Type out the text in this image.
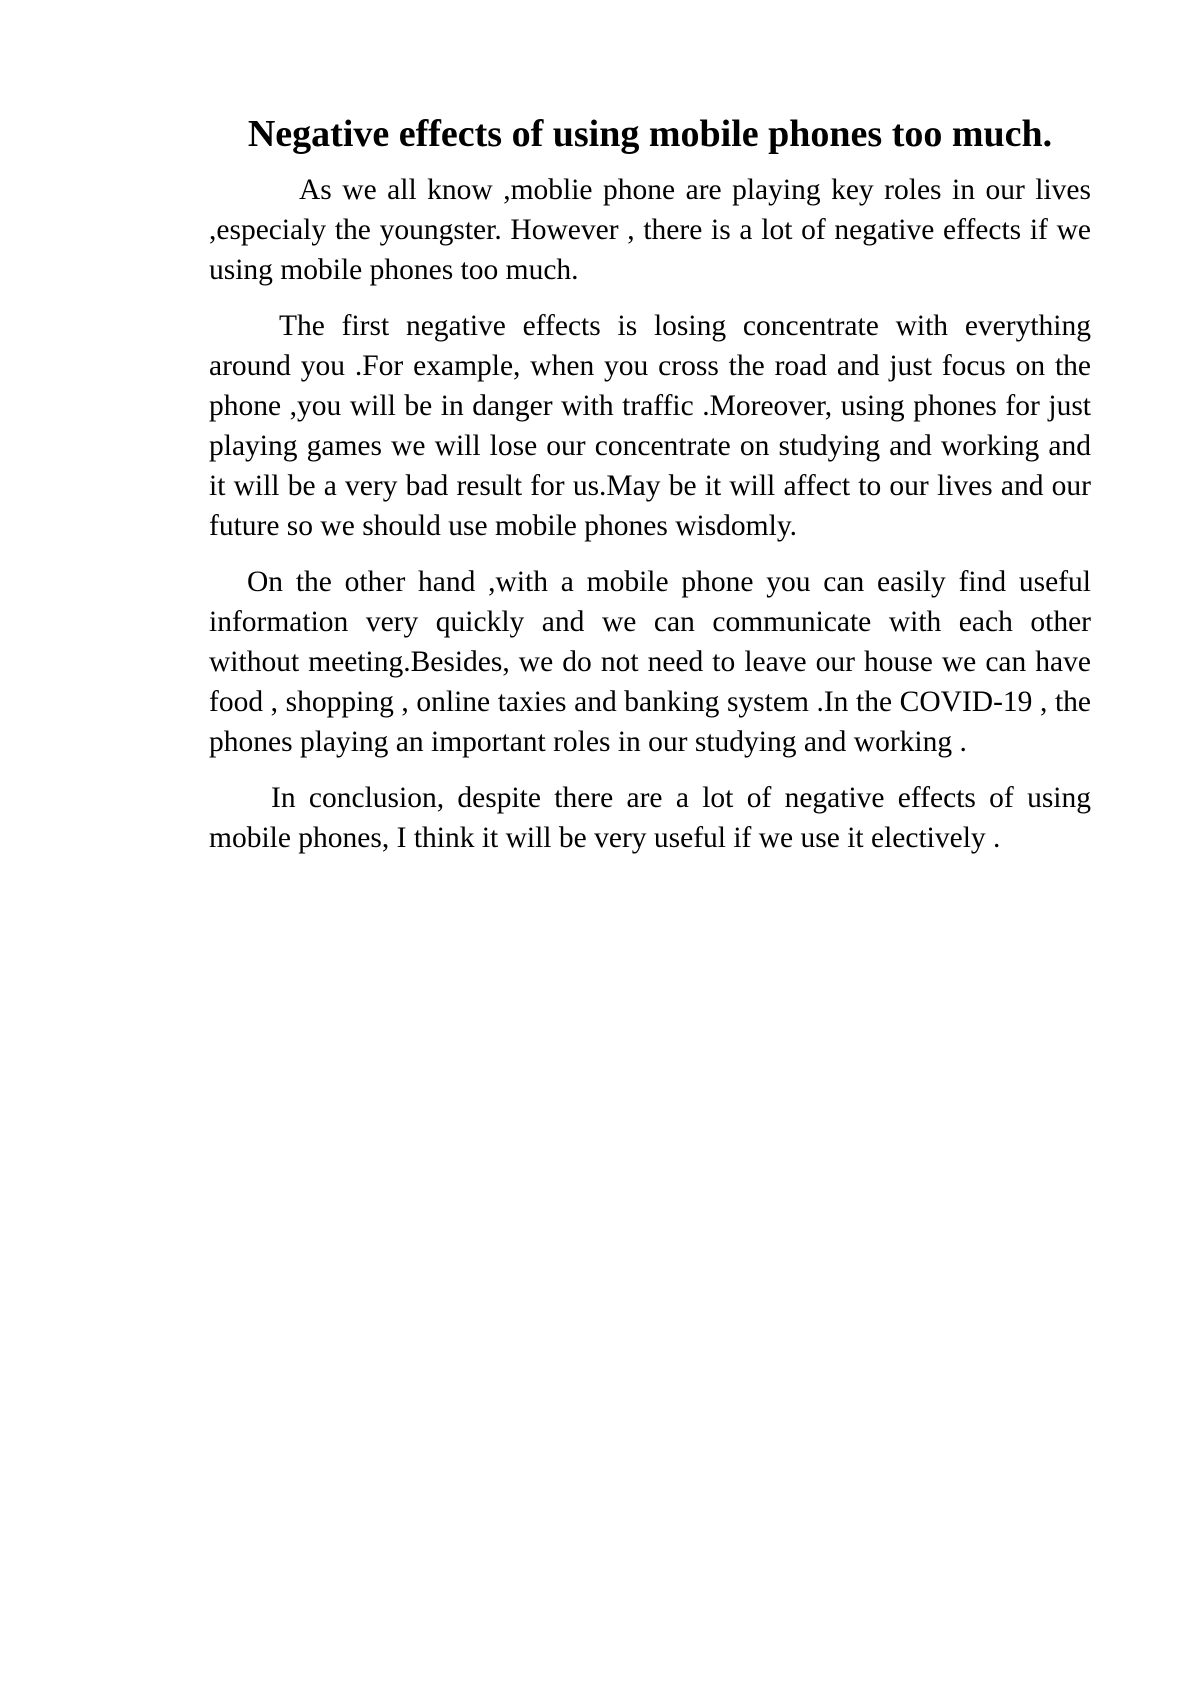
Negative effects of using mobile phones too much.

As we all know ,moblie phone are playing key roles in our lives ,especialy the youngster. However , there is a lot of negative effects if we using mobile phones too much.

The first negative effects is losing concentrate with everything around you .For example, when you cross the road and just focus on the phone ,you will be in danger with traffic .Moreover, using phones for just playing games we will lose our concentrate on studying and working and it will be a very bad result for us.May be it will affect to our lives and our future so we should use mobile phones wisdomly.

On the other hand ,with a mobile phone you can easily find useful information very quickly and we can communicate with each other without meeting.Besides, we do not need to leave our house we can have food , shopping , online taxies and banking system .In the COVID-19 , the phones playing an important roles in our studying and working .

In conclusion, despite there are a lot of negative effects of using mobile phones, I think it will be very useful if we use it electively .
